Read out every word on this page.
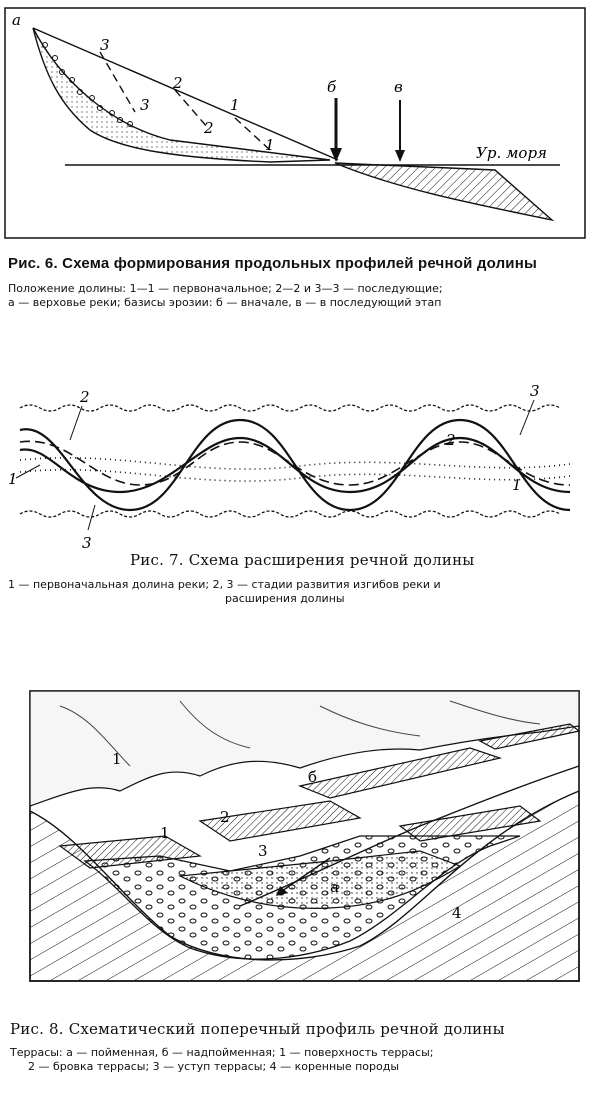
а
б	в
Ур. моря
3
3
2
2
1
1
Рис. 6. Схема формирования продольных профилей речной долины
Положение долины: 1—1 — первоначальное; 2—2 и 3—3 — последующие;
а — верховье реки; базисы эрозии: б — вначале, в — в последующий этап
2
1
3
3
2
1
Рис. 7. Схема расширения речной долины
1 — первоначальная долина реки; 2, 3 — стадии развития изгибов реки и
расширения долины
1
1
2
3
б
а
4
Рис. 8. Схематический поперечный профиль речной долины
Террасы: а — пойменная, б — надпойменная; 1 — поверхность террасы;
2 — бровка террасы; 3 — уступ террасы; 4 — коренные породы
